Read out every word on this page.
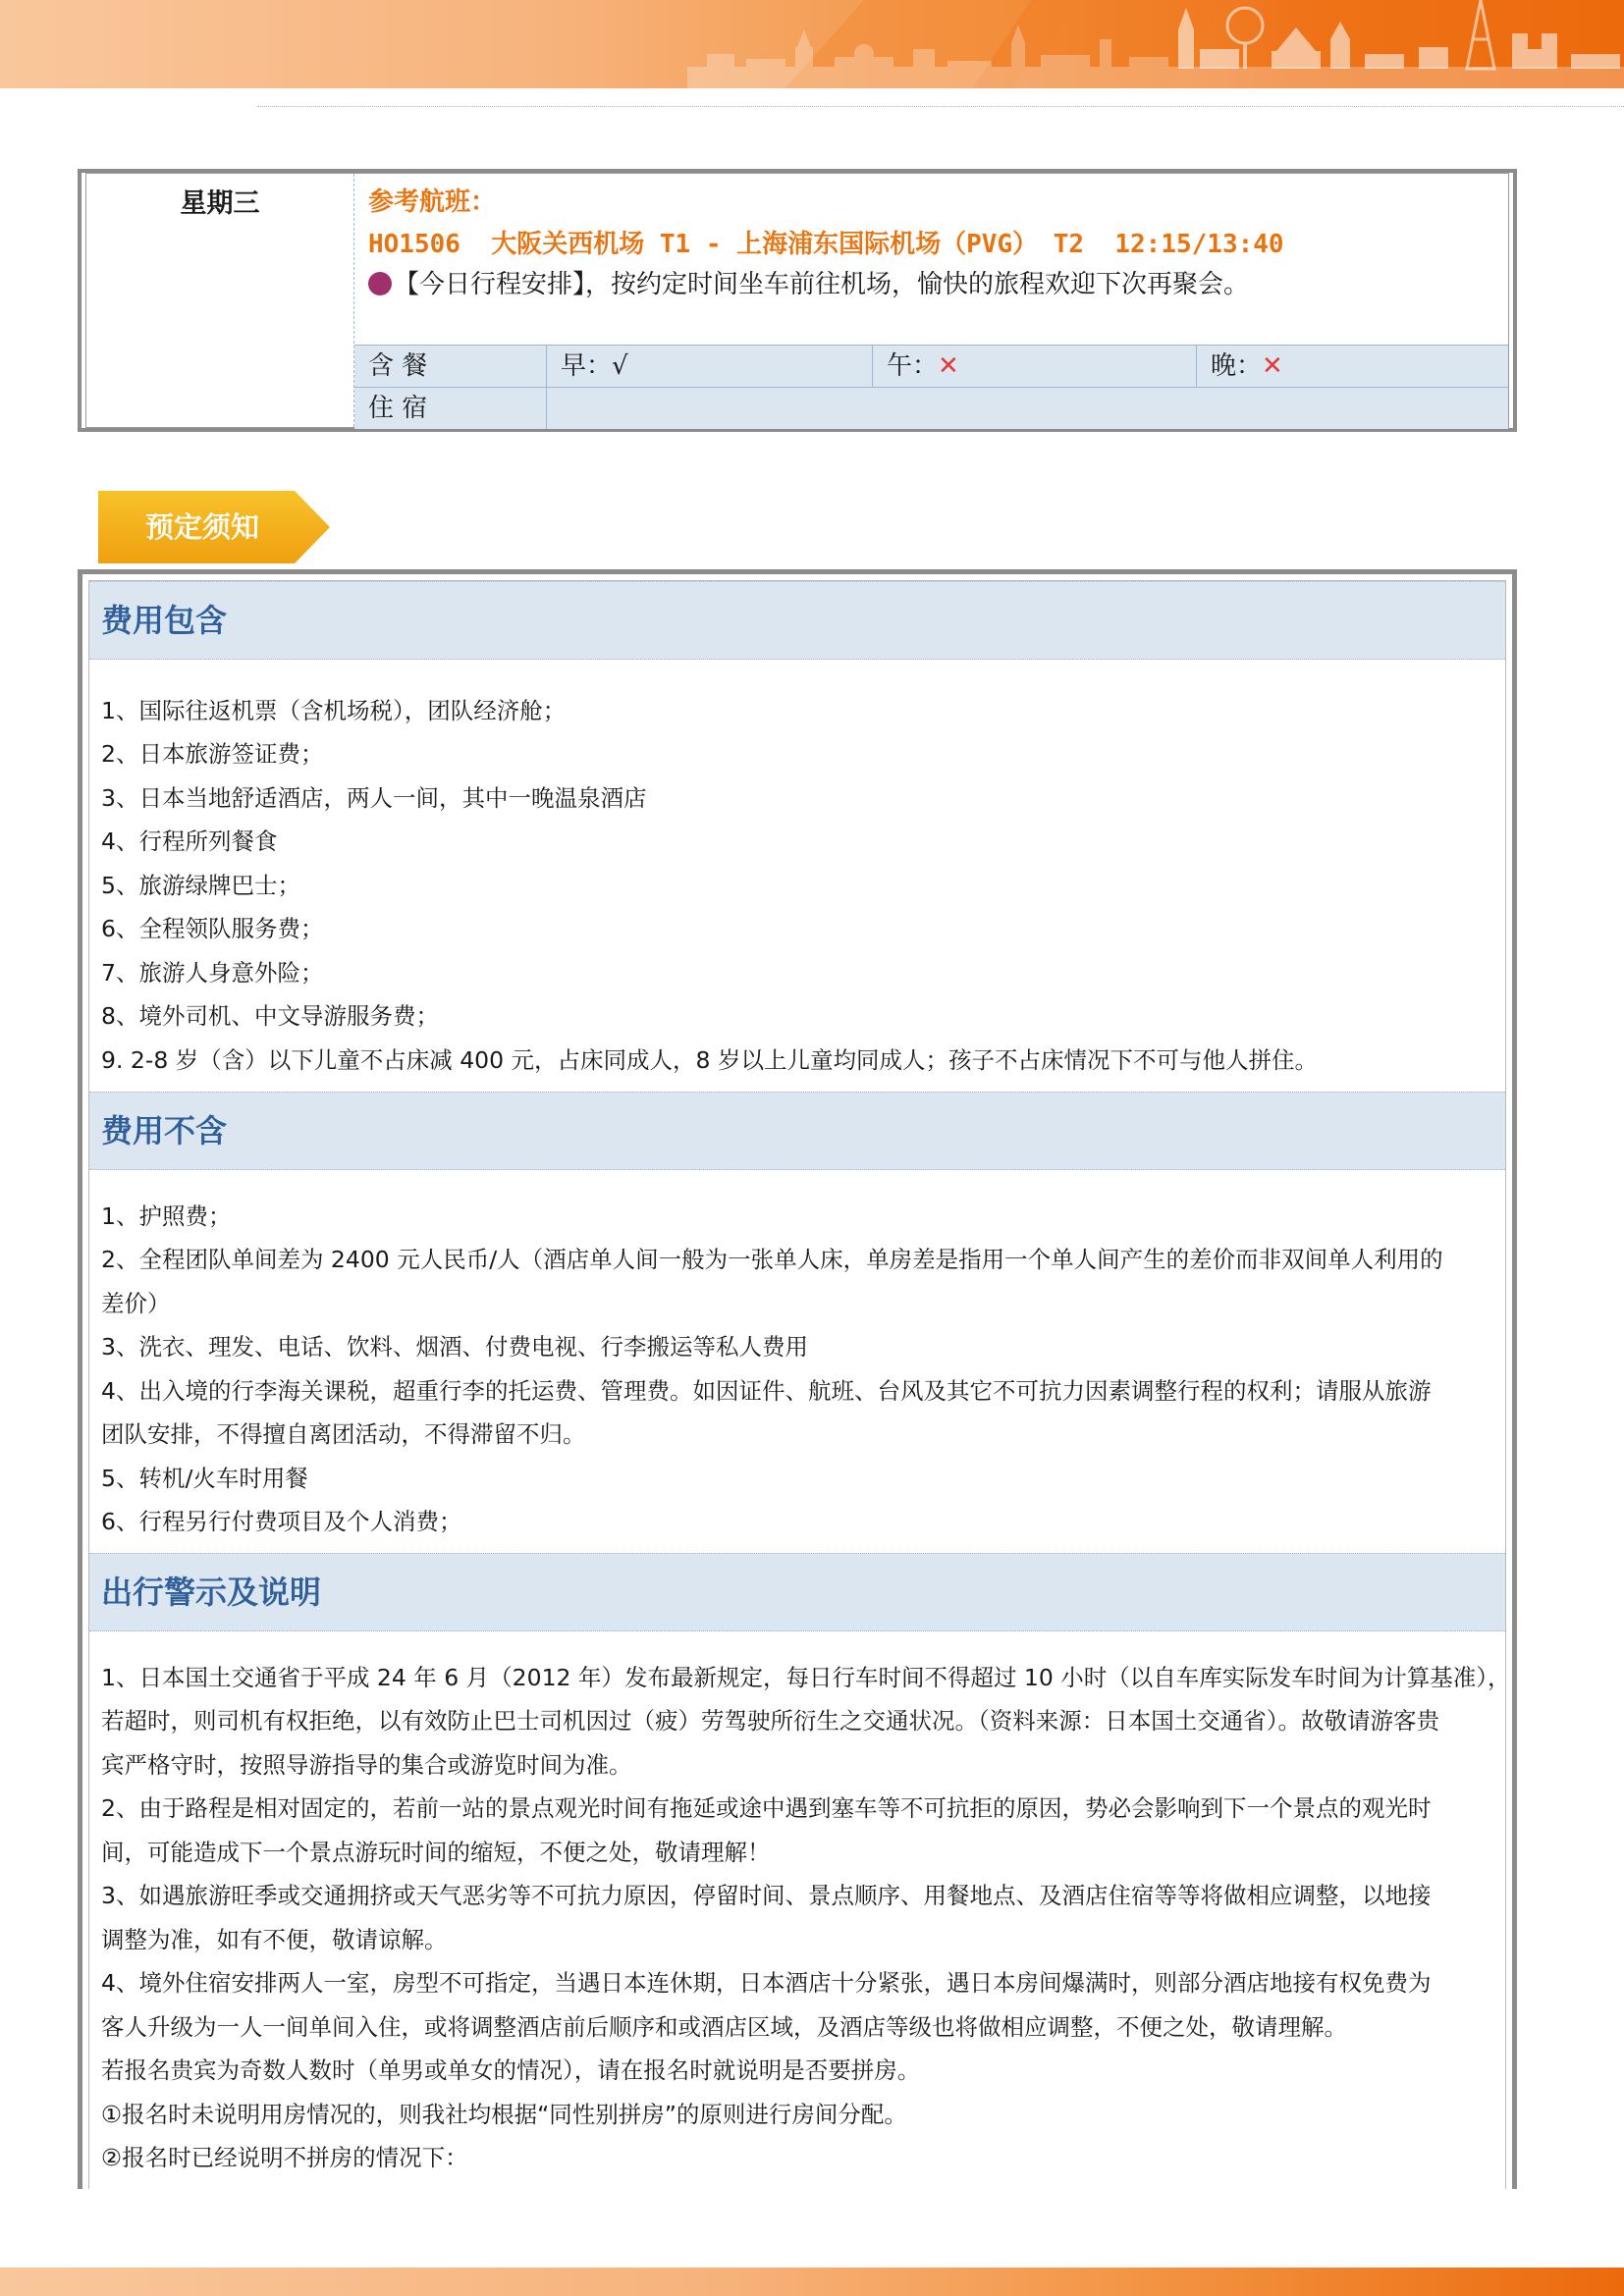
星期三	参考航班：
HO1506  大阪关西机场 T1 - 上海浦东国际机场（PVG） T2  12:15/13:40
【今日行程安排】，按约定时间坐车前往机场，愉快的旅程欢迎下次再聚会。
含 餐	早：√	午：✕	晚：✕
住 宿
预定须知
费用包含
1、国际往返机票（含机场税），团队经济舱；
2、日本旅游签证费；
3、日本当地舒适酒店，两人一间，其中一晚温泉酒店
4、行程所列餐食
5、旅游绿牌巴士；
6、全程领队服务费；
7、旅游人身意外险；
8、境外司机、中文导游服务费；
9. 2-8 岁（含）以下儿童不占床减 400 元，占床同成人，8 岁以上儿童均同成人；孩子不占床情况下不可与他人拼住。
费用不含
1、护照费；
2、全程团队单间差为 2400 元人民币/人（酒店单人间一般为一张单人床，单房差是指用一个单人间产生的差价而非双间单人利用的
差价）
3、洗衣、理发、电话、饮料、烟酒、付费电视、行李搬运等私人费用
4、出入境的行李海关课税，超重行李的托运费、管理费。如因证件、航班、台风及其它不可抗力因素调整行程的权利；请服从旅游
团队安排，不得擅自离团活动，不得滞留不归。
5、转机/火车时用餐
6、行程另行付费项目及个人消费；
出行警示及说明
1、日本国土交通省于平成 24 年 6 月（2012 年）发布最新规定，每日行车时间不得超过 10 小时（以自车库实际发车时间为计算基准），
若超时，则司机有权拒绝，以有效防止巴士司机因过（疲）劳驾驶所衍生之交通状况。（资料来源：日本国土交通省）。故敬请游客贵
宾严格守时，按照导游指导的集合或游览时间为准。
2、由于路程是相对固定的，若前一站的景点观光时间有拖延或途中遇到塞车等不可抗拒的原因，势必会影响到下一个景点的观光时
间，可能造成下一个景点游玩时间的缩短，不便之处，敬请理解！
3、如遇旅游旺季或交通拥挤或天气恶劣等不可抗力原因，停留时间、景点顺序、用餐地点、及酒店住宿等等将做相应调整，以地接
调整为准，如有不便，敬请谅解。
4、境外住宿安排两人一室，房型不可指定，当遇日本连休期，日本酒店十分紧张，遇日本房间爆满时，则部分酒店地接有权免费为
客人升级为一人一间单间入住，或将调整酒店前后顺序和或酒店区域，及酒店等级也将做相应调整，不便之处，敬请理解。
若报名贵宾为奇数人数时（单男或单女的情况），请在报名时就说明是否要拼房。
①报名时未说明用房情况的，则我社均根据“同性别拼房”的原则进行房间分配。
②报名时已经说明不拼房的情况下：
